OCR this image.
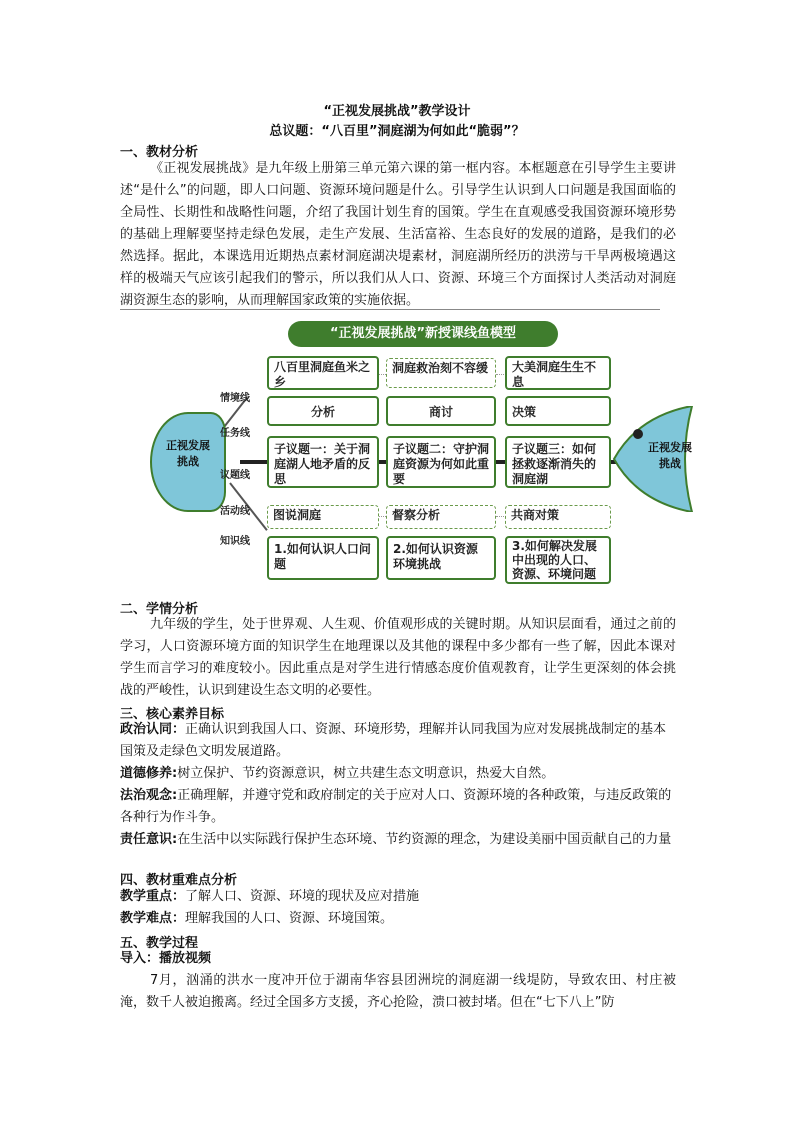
“正视发展挑战”教学设计
总议题：“八百里”洞庭湖为何如此“脆弱”？
一、教材分析
《正视发展挑战》是九年级上册第三单元第六课的第一框内容。本框题意在引导学生主要讲述“是什么”的问题，即人口问题、资源环境问题是什么。引导学生认识到人口问题是我国面临的全局性、长期性和战略性问题，介绍了我国计划生育的国策。学生在直观感受我国资源环境形势的基础上理解要坚持走绿色发展，走生产发展、生活富裕、生态良好的发展的道路，是我们的必然选择。据此，本课选用近期热点素材洞庭湖决堤素材，洞庭湖所经历的洪涝与干旱两极境遇这样的极端天气应该引起我们的警示，所以我们从人口、资源、环境三个方面探讨人类活动对洞庭湖资源生态的影响，从而理解国家政策的实施依据。
“正视发展挑战”新授课线鱼模型
正视发展挑战
正视发展挑战
情境线
任务线
议题线
活动线
知识线
八百里洞庭鱼米之乡
洞庭救治刻不容缓	大美洞庭生生不息
分析	商讨	决策
子议题一：关于洞庭湖人地矛盾的反思
子议题二：守护洞庭资源为何如此重要
子议题三：如何拯救逐渐消失的洞庭湖
图说洞庭	督察分析	共商对策
1.如何认识人口问题
2.如何认识资源环境挑战
3.如何解决发展中出现的人口、资源、环境问题
二、学情分析
九年级的学生，处于世界观、人生观、价值观形成的关键时期。从知识层面看，通过之前的学习，人口资源环境方面的知识学生在地理课以及其他的课程中多少都有一些了解，因此本课对学生而言学习的难度较小。因此重点是对学生进行情感态度价值观教育，让学生更深刻的体会挑战的严峻性，认识到建设生态文明的必要性。
三、核心素养目标
政治认同：正确认识到我国人口、资源、环境形势，理解并认同我国为应对发展挑战制定的基本国策及走绿色文明发展道路。
道德修养:树立保护、节约资源意识，树立共建生态文明意识，热爱大自然。
法治观念:正确理解，并遵守党和政府制定的关于应对人口、资源环境的各种政策，与违反政策的各种行为作斗争。
责任意识:在生活中以实际践行保护生态环境、节约资源的理念，为建设美丽中国贡献自己的力量
四、教材重难点分析
教学重点：了解人口、资源、环境的现状及应对措施
教学难点：理解我国的人口、资源、环境国策。
五、教学过程
导入：播放视频
7月，汹涌的洪水一度冲开位于湖南华容县团洲垸的洞庭湖一线堤防，导致农田、村庄被淹，数千人被迫搬离。经过全国多方支援，齐心抢险，溃口被封堵。但在“七下八上”防
